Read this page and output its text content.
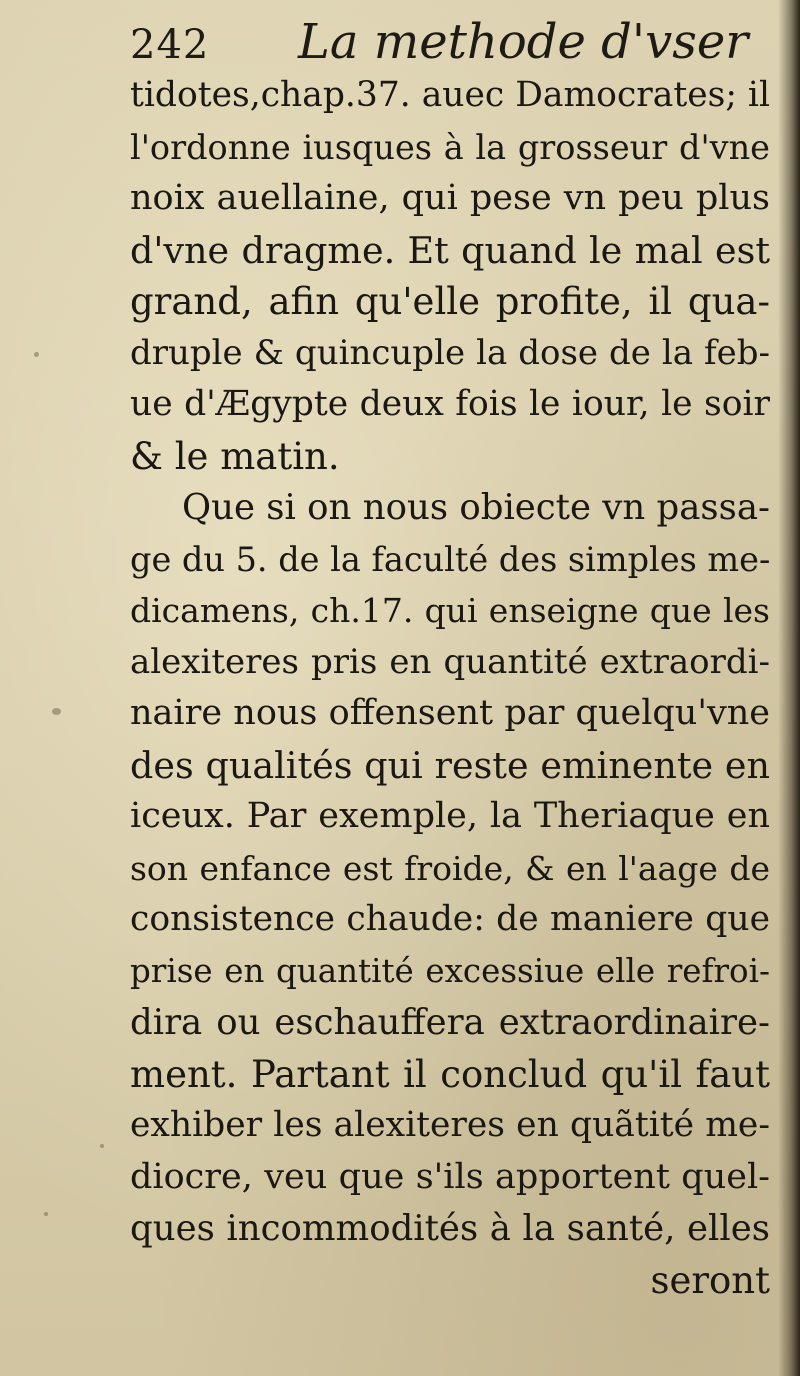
242 La methode d'vser
tidotes,chap.37. auec Damocrates; il
l'ordonne iusques à la grosseur d'vne
noix auellaine, qui pese vn peu plus
d'vne dragme. Et quand le mal est
grand, afin qu'elle profite, il qua-
druple & quincuple la dose de la feb-
ue d'Ægypte deux fois le iour, le soir
& le matin.
Que si on nous obiecte vn passa-
ge du 5. de la faculté des simples me-
dicamens, ch.17. qui enseigne que les
alexiteres pris en quantité extraordi-
naire nous offensent par quelqu'vne
des qualités qui reste eminente en
iceux. Par exemple, la Theriaque en
son enfance est froide, & en l'aage de
consistence chaude: de maniere que
prise en quantité excessiue elle refroi-
dira ou eschauffera extraordinaire-
ment. Partant il conclud qu'il faut
exhiber les alexiteres en quãtité me-
diocre, veu que s'ils apportent quel-
ques incommodités à la santé, elles
seront
